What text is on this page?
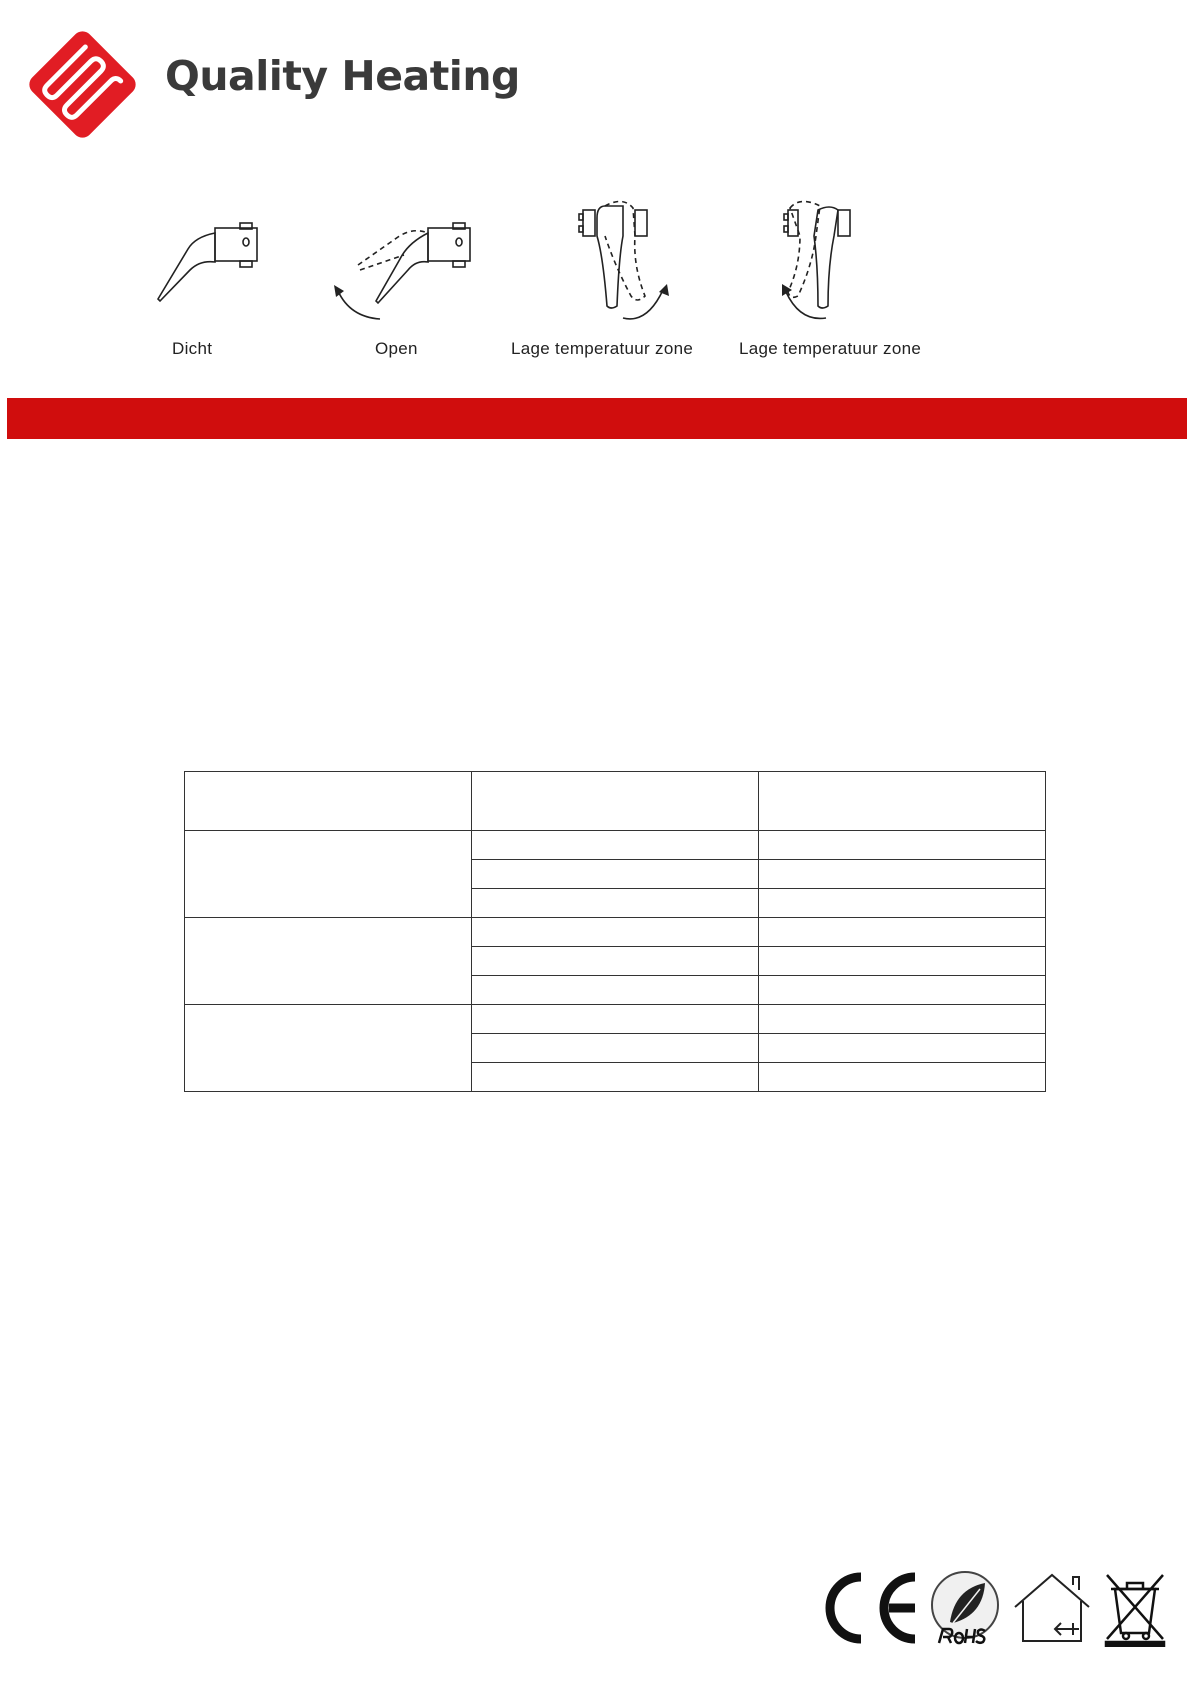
Quality Heating
Dicht	Open	Lage temperatuur zone	Lage temperatuur zone
